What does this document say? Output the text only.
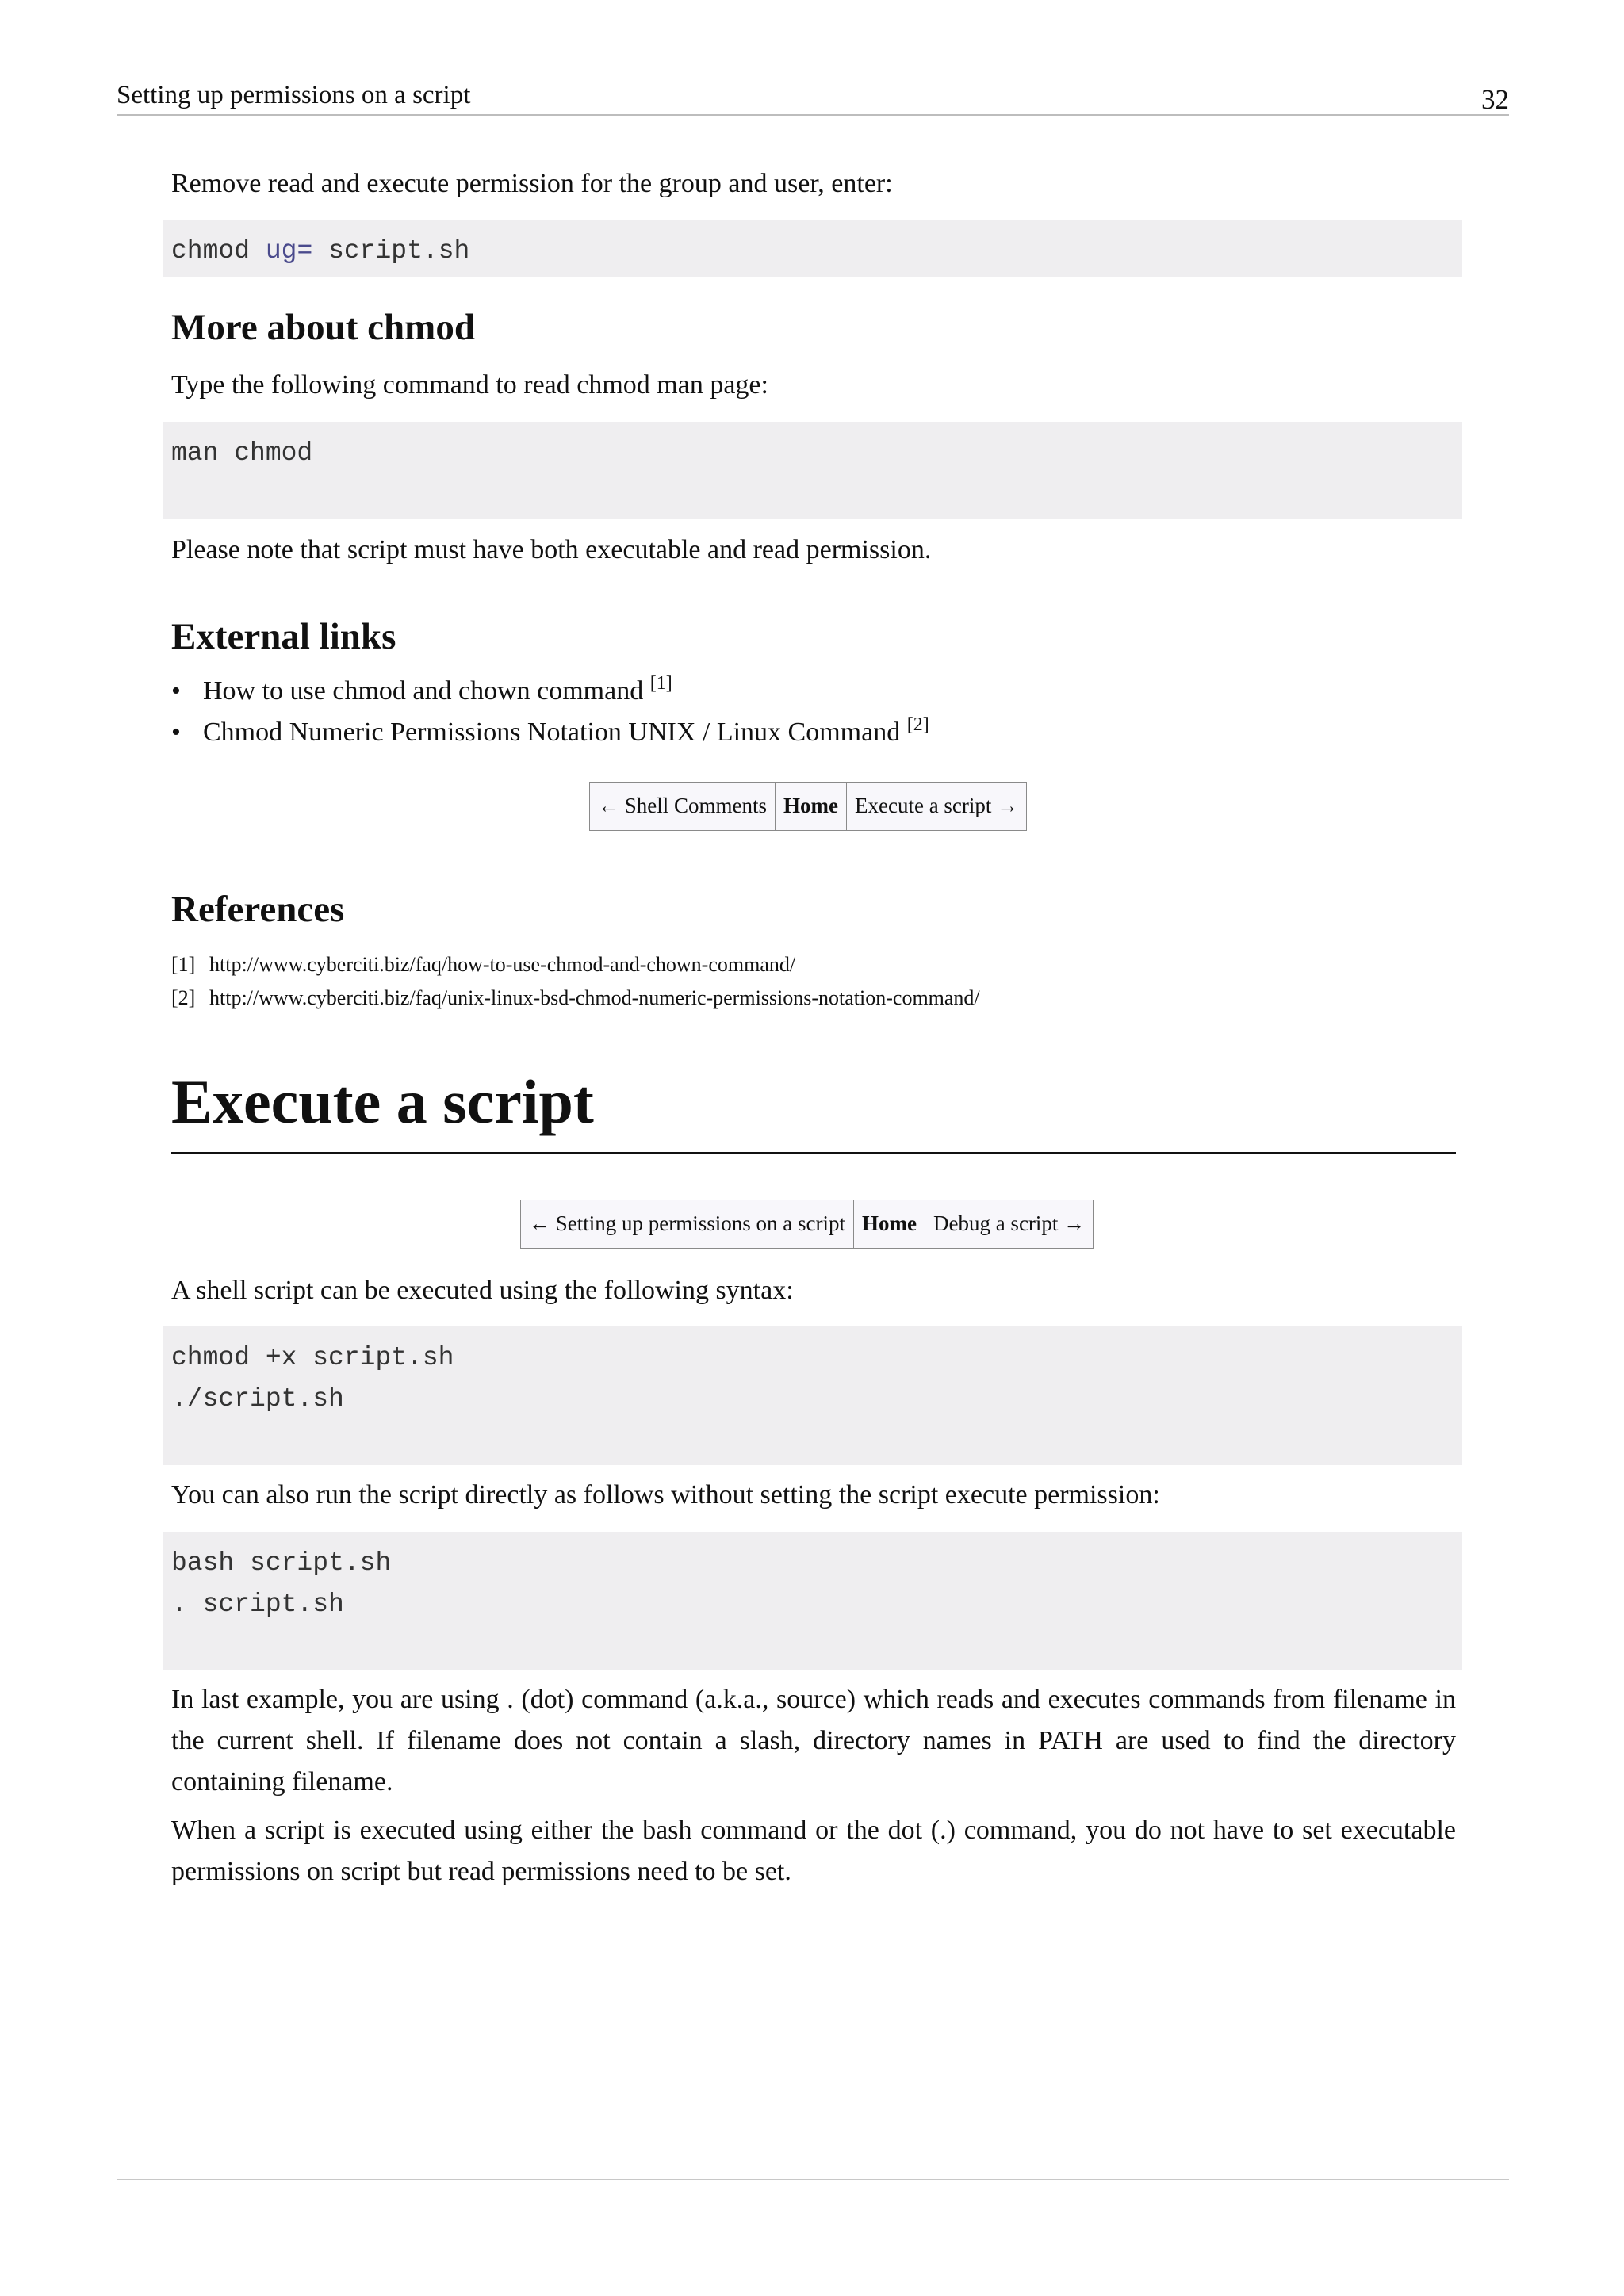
Setting up permissions on a script	32
Remove read and execute permission for the group and user, enter:
chmod ug= script.sh
More about chmod
Type the following command to read chmod man page:
man chmod
Please note that script must have both executable and read permission.
External links
• How to use chmod and chown command [1]
• Chmod Numeric Permissions Notation UNIX / Linux Command [2]
← Shell Comments Home Execute a script →
References
[1] http://www.cyberciti.biz/faq/how-to-use-chmod-and-chown-command/
[2] http://www.cyberciti.biz/faq/unix-linux-bsd-chmod-numeric-permissions-notation-command/
Execute a script
← Setting up permissions on a script Home Debug a script →
A shell script can be executed using the following syntax:
chmod +x script.sh
./script.sh
You can also run the script directly as follows without setting the script execute permission:
bash script.sh
. script.sh
In last example, you are using . (dot) command (a.k.a., source) which reads and executes commands from filename in the current shell. If filename does not contain a slash, directory names in PATH are used to find the directory containing filename.
When a script is executed using either the bash command or the dot (.) command, you do not have to set executable permissions on script but read permissions need to be set.
